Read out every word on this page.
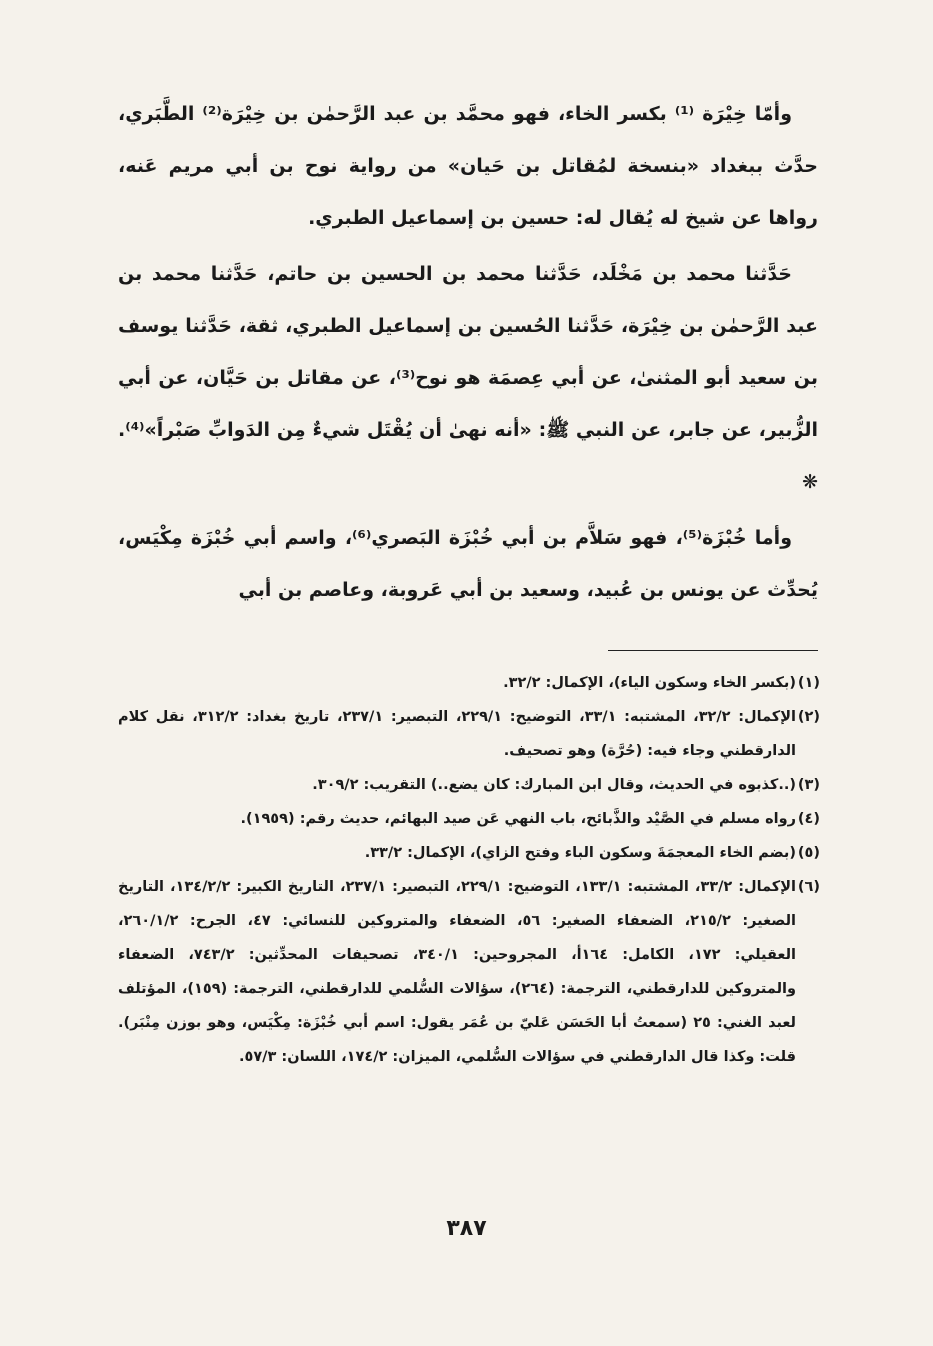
وأمّا خِيْرَة ⁽¹⁾ بكسر الخاء، فهو محمَّد بن عبد الرَّحمٰن بن خِيْرَة⁽²⁾ الطَّبَري، حدَّث ببغداد «بنسخة لمُقاتل بن حَيان» من رواية نوح بن أبي مريم عَنه، رواها عن شيخ له يُقال له: حسين بن إسماعيل الطبري.

حَدَّثنا محمد بن مَخْلَد، حَدَّثنا محمد بن الحسين بن حاتم، حَدَّثنا محمد بن عبد الرَّحمٰن بن خِيْرَة، حَدَّثنا الحُسين بن إسماعيل الطبري، ثقة، حَدَّثنا يوسف بن سعيد أبو المثنىٰ، عن أبي عِصمَة هو نوح⁽³⁾، عن مقاتل بن حَيَّان، عن أبي الزُّبير، عن جابر، عن النبي ﷺ: «أنه نهىٰ أن يُقْتَل شيءٌ مِن الدَوابِّ صَبْراً»⁽⁴⁾. ❋

وأما خُبْزَة⁽⁵⁾، فهو سَلاَّم بن أبي خُبْزَة البَصري⁽⁶⁾، واسم أبي خُبْزَة مِكْيَس، يُحدِّث عن يونس بن عُبيد، وسعيد بن أبي عَروبة، وعاصم بن أبي

(١)
(بكسر الخاء وسكون الياء)، الإكمال: ٣٢/٢.
(٢)
الإكمال: ٣٢/٢، المشتبه: ٣٣/١، التوضيح: ٢٢٩/١، التبصير: ٢٣٧/١، تاريخ بغداد: ٣١٢/٢، نقل كلام الدارقطني وجاء فيه: (حُرَّة) وهو تصحيف.
(٣)
(..كذبوه في الحديث، وقال ابن المبارك: كان يضع..) التقريب: ٣٠٩/٢.
(٤)
رواه مسلم في الصَّيْد والذَّبائح، باب النهي عَن صيد البهائم، حديث رقم: (١٩٥٩).
(٥)
(بضم الخاء المعجمَةَ وسكون الباء وفتح الزاي)، الإكمال: ٣٣/٢.
(٦)
الإكمال: ٣٣/٢، المشتبه: ١٣٣/١، التوضيح: ٢٢٩/١، التبصير: ٢٣٧/١، التاريخ الكبير: ١٣٤/٢/٢، التاريخ الصغير: ٢١٥/٢، الضعفاء الصغير: ٥٦، الضعفاء والمتروكين للنسائي: ٤٧، الجرح: ٢٦٠/١/٢، العقيلي: ١٧٢، الكامل: ١٦٤أ، المجروحين: ٣٤٠/١، تصحيفات المحدِّثين: ٧٤٣/٢، الضعفاء والمتروكين للدارقطني، الترجمة: (٢٦٤)، سؤالات السُّلمي للدارقطني، الترجمة: (١٥٩)، المؤتلف لعبد الغني: ٢٥ (سمعتُ أبا الحَسَن عَليّ بن عُمَر يقول: اسم أبي خُبْزَة: مِكْيَس، وهو بوزن مِنْبَر). قلت: وكذا قال الدارقطني في سؤالات السُّلمي، الميزان: ١٧٤/٢، اللسان: ٥٧/٣.
٣٨٧
